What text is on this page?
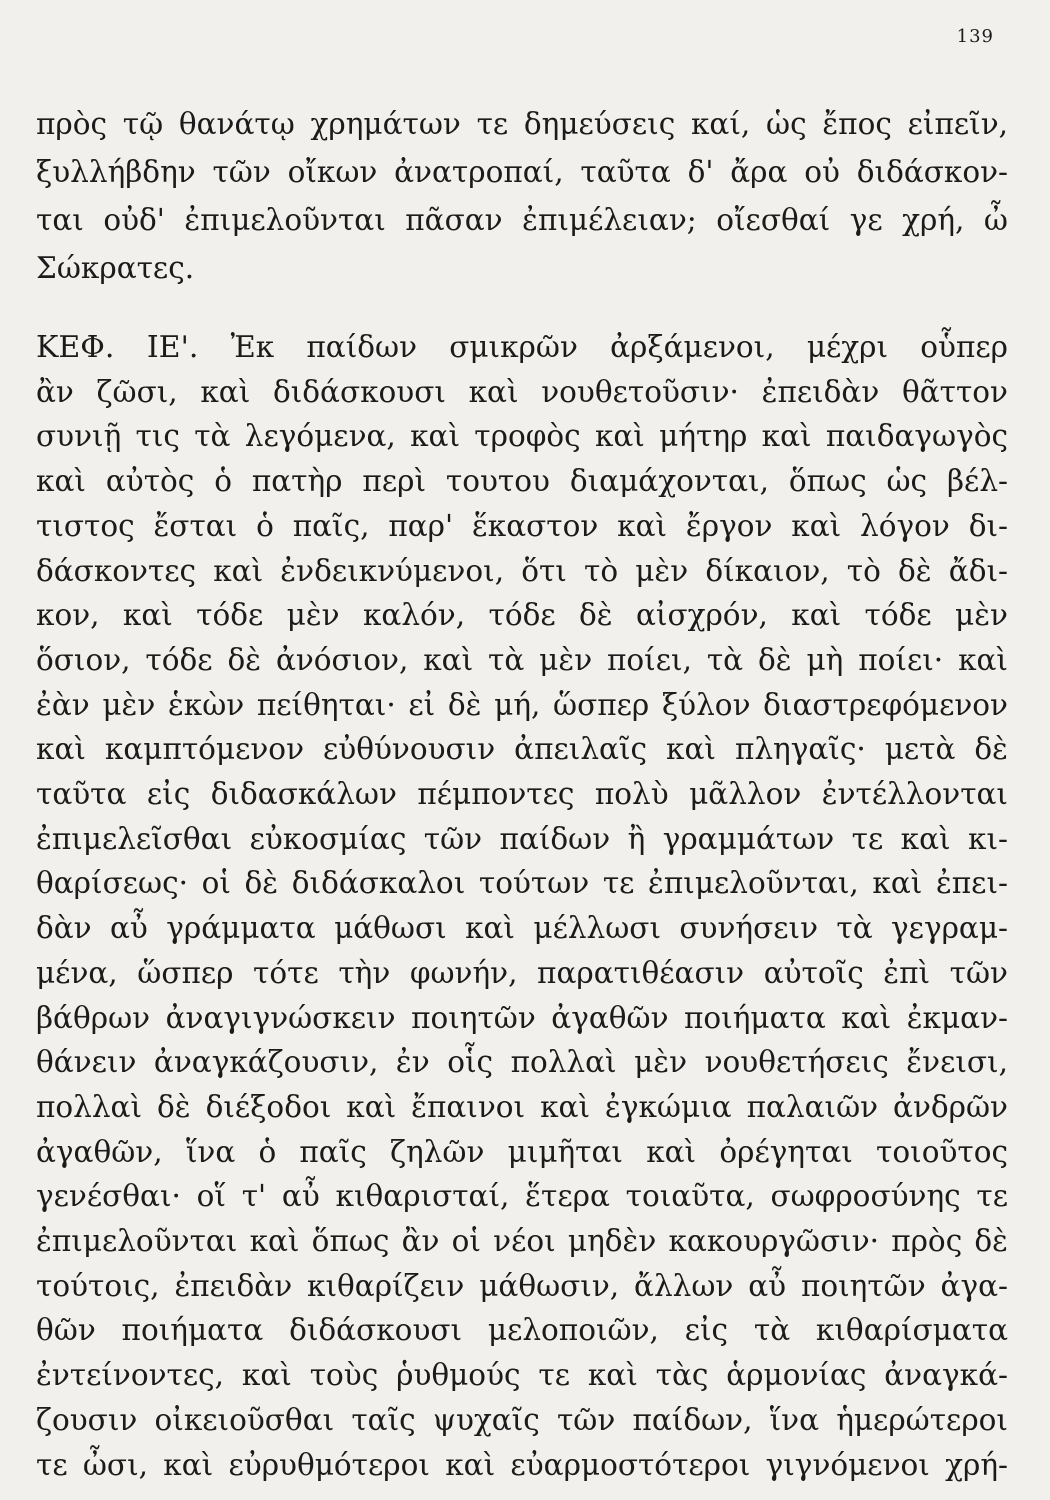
139
πρὸς τῷ θανάτῳ χρημάτων τε δημεύσεις καί, ὡς ἔπος εἰπεῖν,
ξυλλήβδην τῶν οἴκων ἀνατροπαί, ταῦτα δ' ἄρα οὐ διδάσκον-
ται οὐδ' ἐπιμελοῦνται πᾶσαν ἐπιμέλειαν; οἴεσθαί γε χρή, ὦ
Σώκρατες.
ΚΕΦ. ΙΕ'. Ἐκ παίδων σμικρῶν ἀρξάμενοι, μέχρι οὗπερ
ἂν ζῶσι, καὶ διδάσκουσι καὶ νουθετοῦσιν· ἐπειδὰν θᾶττον
συνιῇ τις τὰ λεγόμενα, καὶ τροφὸς καὶ μήτηρ καὶ παιδαγωγὸς
καὶ αὐτὸς ὁ πατὴρ περὶ τουτου διαμάχονται, ὅπως ὡς βέλ-
τιστος ἔσται ὁ παῖς, παρ' ἕκαστον καὶ ἔργον καὶ λόγον δι-
δάσκοντες καὶ ἐνδεικνύμενοι, ὅτι τὸ μὲν δίκαιον, τὸ δὲ ἄδι-
κον, καὶ τόδε μὲν καλόν, τόδε δὲ αἰσχρόν, καὶ τόδε μὲν
ὅσιον, τόδε δὲ ἀνόσιον, καὶ τὰ μὲν ποίει, τὰ δὲ μὴ ποίει· καὶ
ἐὰν μὲν ἑκὼν πείθηται· εἰ δὲ μή, ὥσπερ ξύλον διαστρεφόμενον
καὶ καμπτόμενον εὐθύνουσιν ἀπειλαῖς καὶ πληγαῖς· μετὰ δὲ
ταῦτα εἰς διδασκάλων πέμποντες πολὺ μᾶλλον ἐντέλλονται
ἐπιμελεῖσθαι εὐκοσμίας τῶν παίδων ἢ γραμμάτων τε καὶ κι-
θαρίσεως· οἱ δὲ διδάσκαλοι τούτων τε ἐπιμελοῦνται, καὶ ἐπει-
δὰν αὖ γράμματα μάθωσι καὶ μέλλωσι συνήσειν τὰ γεγραμ-
μένα, ὥσπερ τότε τὴν φωνήν, παρατιθέασιν αὐτοῖς ἐπὶ τῶν
βάθρων ἀναγιγνώσκειν ποιητῶν ἀγαθῶν ποιήματα καὶ ἐκμαν-
θάνειν ἀναγκάζουσιν, ἐν οἷς πολλαὶ μὲν νουθετήσεις ἔνεισι,
πολλαὶ δὲ διέξοδοι καὶ ἔπαινοι καὶ ἐγκώμια παλαιῶν ἀνδρῶν
ἀγαθῶν, ἵνα ὁ παῖς ζηλῶν μιμῆται καὶ ὀρέγηται τοιοῦτος
γενέσθαι· οἵ τ' αὖ κιθαρισταί, ἕτερα τοιαῦτα, σωφροσύνης τε
ἐπιμελοῦνται καὶ ὅπως ἂν οἱ νέοι μηδὲν κακουργῶσιν· πρὸς δὲ
τούτοις, ἐπειδὰν κιθαρίζειν μάθωσιν, ἄλλων αὖ ποιητῶν ἀγα-
θῶν ποιήματα διδάσκουσι μελοποιῶν, εἰς τὰ κιθαρίσματα
ἐντείνοντες, καὶ τοὺς ῥυθμούς τε καὶ τὰς ἁρμονίας ἀναγκά-
ζουσιν οἰκειοῦσθαι ταῖς ψυχαῖς τῶν παίδων, ἵνα ἡμερώτεροι
τε ὦσι, καὶ εὐρυθμότεροι καὶ εὐαρμοστότεροι γιγνόμενοι χρή-
